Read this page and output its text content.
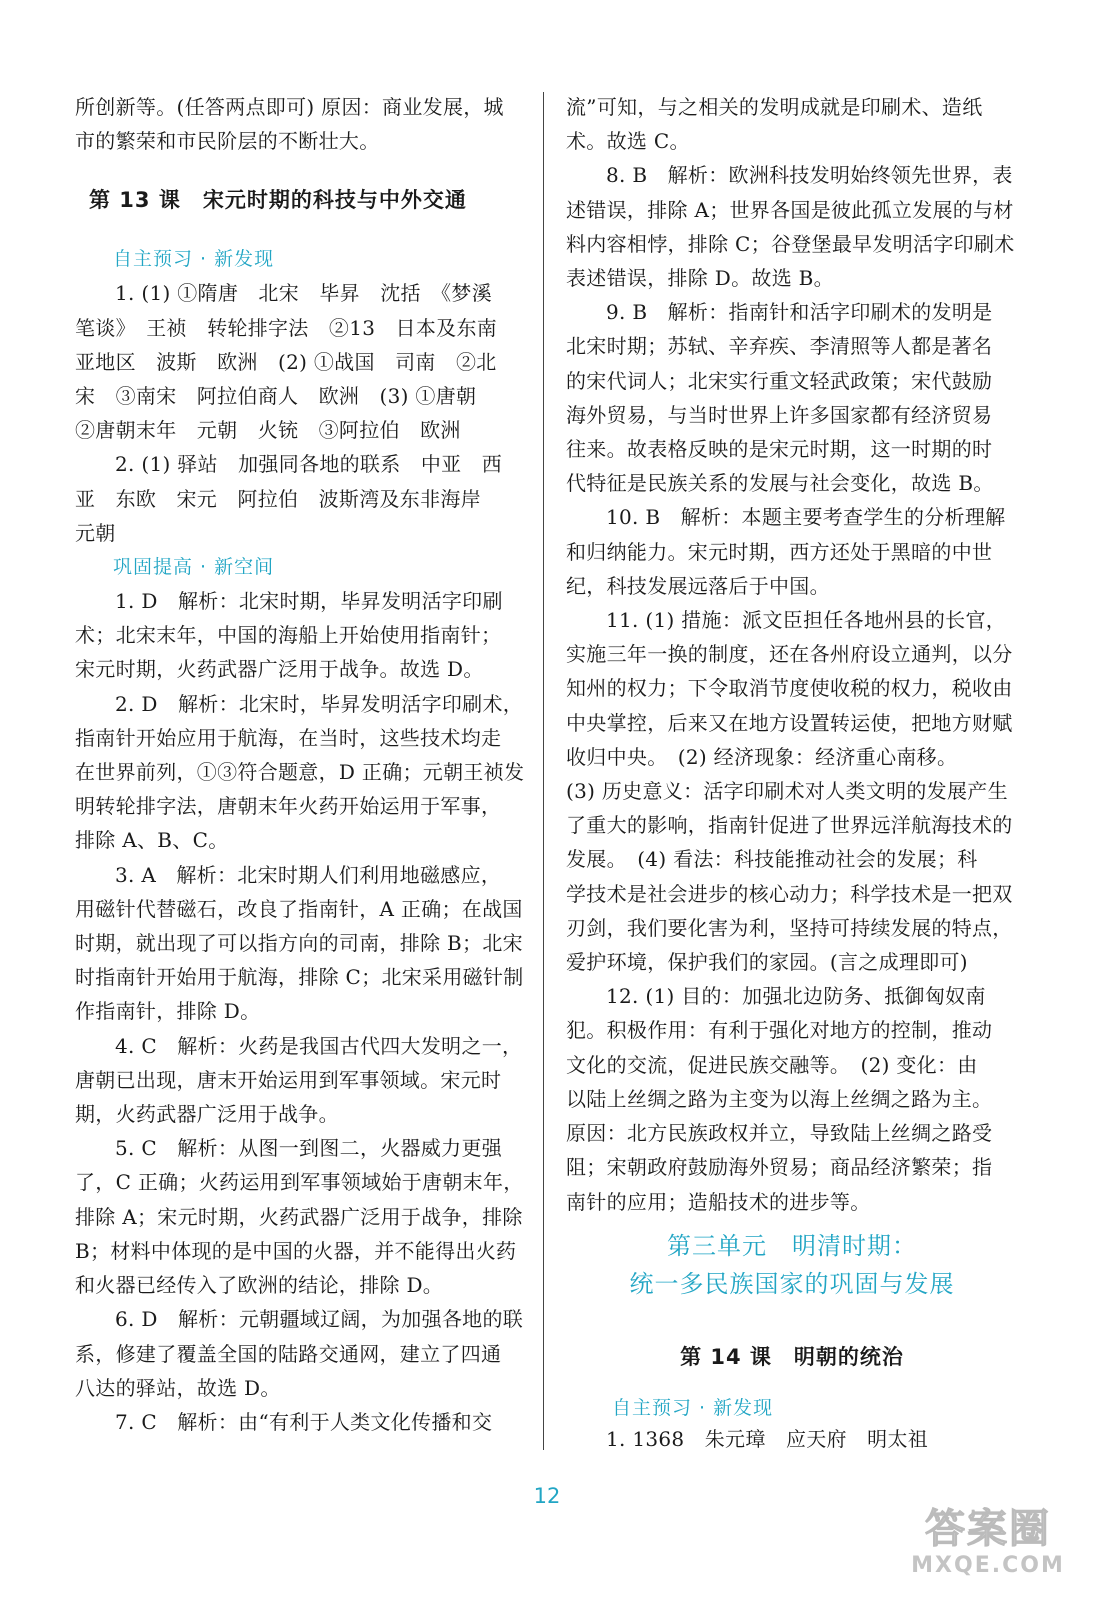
所创新等。(任答两点即可) 原因：商业发展，城

市的繁荣和市民阶层的不断壮大。

第 13 课　宋元时期的科技与中外交通

自主预习 · 新发现

1. (1) ①隋唐　北宋　毕昇　沈括　《梦溪

笔谈》　王祯　转轮排字法　②13　日本及东南

亚地区　波斯　欧洲　(2) ①战国　司南　②北

宋　③南宋　阿拉伯商人　欧洲　(3) ①唐朝

②唐朝末年　元朝　火铳　③阿拉伯　欧洲

2. (1) 驿站　加强同各地的联系　中亚　西

亚　东欧　宋元　阿拉伯　波斯湾及东非海岸

元朝

巩固提高 · 新空间

1. D　解析：北宋时期，毕昇发明活字印刷

术；北宋末年，中国的海船上开始使用指南针；

宋元时期，火药武器广泛用于战争。故选 D。

2. D　解析：北宋时，毕昇发明活字印刷术，

指南针开始应用于航海，在当时，这些技术均走

在世界前列，①③符合题意，D 正确；元朝王祯发

明转轮排字法，唐朝末年火药开始运用于军事，

排除 A、B、C。

3. A　解析：北宋时期人们利用地磁感应，

用磁针代替磁石，改良了指南针，A 正确；在战国

时期，就出现了可以指方向的司南，排除 B；北宋

时指南针开始用于航海，排除 C；北宋采用磁针制

作指南针，排除 D。

4. C　解析：火药是我国古代四大发明之一，

唐朝已出现，唐末开始运用到军事领域。宋元时

期，火药武器广泛用于战争。

5. C　解析：从图一到图二，火器威力更强

了，C 正确；火药运用到军事领域始于唐朝末年，

排除 A；宋元时期，火药武器广泛用于战争，排除

B；材料中体现的是中国的火器，并不能得出火药

和火器已经传入了欧洲的结论，排除 D。

6. D　解析：元朝疆域辽阔，为加强各地的联

系，修建了覆盖全国的陆路交通网，建立了四通

八达的驿站，故选 D。

7. C　解析：由“有利于人类文化传播和交

流”可知，与之相关的发明成就是印刷术、造纸

术。故选 C。

8. B　解析：欧洲科技发明始终领先世界，表

述错误，排除 A；世界各国是彼此孤立发展的与材

料内容相悖，排除 C；谷登堡最早发明活字印刷术

表述错误，排除 D。故选 B。

9. B　解析：指南针和活字印刷术的发明是

北宋时期；苏轼、辛弃疾、李清照等人都是著名

的宋代词人；北宋实行重文轻武政策；宋代鼓励

海外贸易，与当时世界上许多国家都有经济贸易

往来。故表格反映的是宋元时期，这一时期的时

代特征是民族关系的发展与社会变化，故选 B。

10. B　解析：本题主要考查学生的分析理解

和归纳能力。宋元时期，西方还处于黑暗的中世

纪，科技发展远落后于中国。

11. (1) 措施：派文臣担任各地州县的长官，

实施三年一换的制度，还在各州府设立通判，以分

知州的权力；下令取消节度使收税的权力，税收由

中央掌控，后来又在地方设置转运使，把地方财赋

收归中央。　(2) 经济现象：经济重心南移。

(3) 历史意义：活字印刷术对人类文明的发展产生

了重大的影响，指南针促进了世界远洋航海技术的

发展。　(4) 看法：科技能推动社会的发展；科

学技术是社会进步的核心动力；科学技术是一把双

刃剑，我们要化害为利，坚持可持续发展的特点，

爱护环境，保护我们的家园。(言之成理即可)

12. (1) 目的：加强北边防务、抵御匈奴南

犯。积极作用：有利于强化对地方的控制，推动

文化的交流，促进民族交融等。　(2) 变化：由

以陆上丝绸之路为主变为以海上丝绸之路为主。

原因：北方民族政权并立，导致陆上丝绸之路受

阻；宋朝政府鼓励海外贸易；商品经济繁荣；指

南针的应用；造船技术的进步等。

第三单元　明清时期：

统一多民族国家的巩固与发展

第 14 课　明朝的统治

自主预习 · 新发现

1. 1368　朱元璋　应天府　明太祖

12
答案圈
MXQE.COM
